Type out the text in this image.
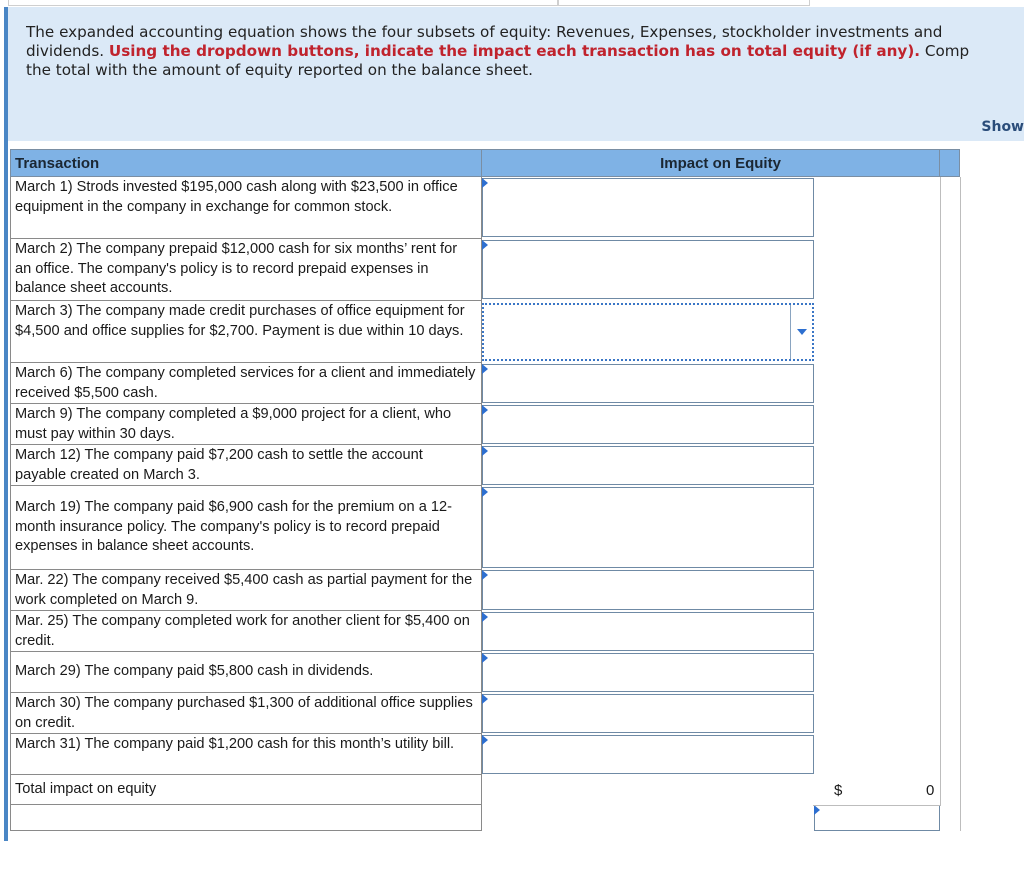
The expanded accounting equation shows the four subsets of equity: Revenues, Expenses, stockholder investments and
dividends. Using the dropdown buttons, indicate the impact each transaction has on total equity (if any). Comp
the total with the amount of equity reported on the balance sheet.
Show
Transaction	Impact on Equity
March 1) Strods invested $195,000 cash along with $23,500 in office equipment in the company in exchange for common stock.
March 2) The company prepaid $12,000 cash for six months’ rent for an office. The company's policy is to record prepaid expenses in balance sheet accounts.
March 3) The company made credit purchases of office equipment for $4,500 and office supplies for $2,700. Payment is due within 10 days.
March 6) The company completed services for a client and immediately received $5,500 cash.
March 9) The company completed a $9,000 project for a client, who must pay within 30 days.
March 12) The company paid $7,200 cash to settle the account payable created on March 3.
March 19) The company paid $6,900 cash for the premium on a 12-month insurance policy. The company's policy is to record prepaid expenses in balance sheet accounts.
Mar. 22) The company received $5,400 cash as partial payment for the work completed on March 9.
Mar. 25) The company completed work for another client for $5,400 on credit.
March 29) The company paid $5,800 cash in dividends.
March 30) The company purchased $1,300 of additional office supplies on credit.
March 31) The company paid $1,200 cash for this month’s utility bill.
Total impact on equity	$	0
